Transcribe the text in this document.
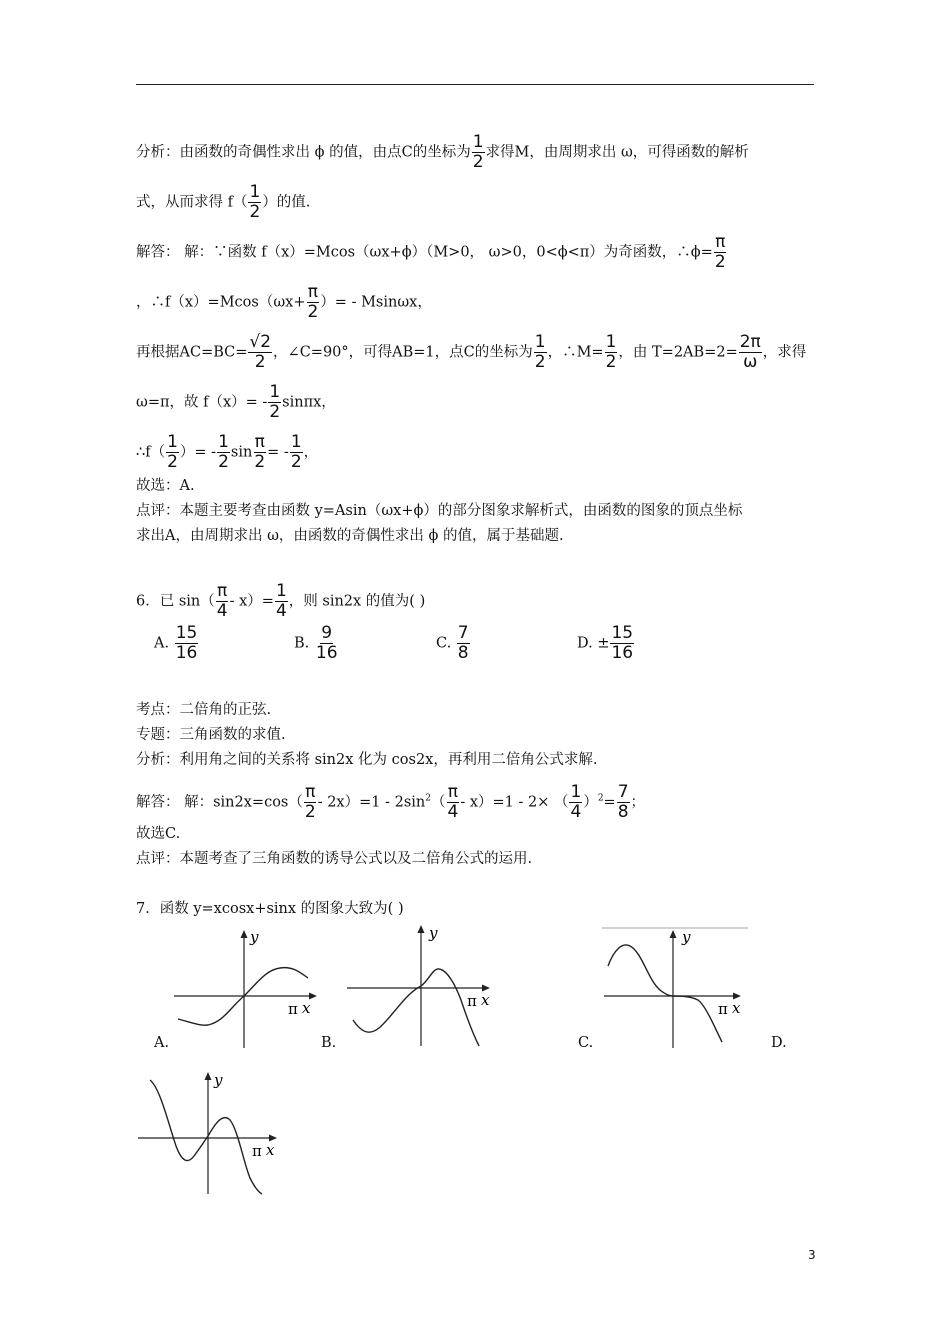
分析：由函数的奇偶性求出 ϕ 的值，由点C的坐标为 $\frac{1}{2}$ 求得M，由周期求出 ω，可得函数的解析
式，从而求得 $f( \frac{1}{2}$ ）的值.
解答： 解：∵函数 f（x）=Mcos（ωx+ϕ）（M>0， ω>0，0<ϕ<π）为奇函数，∴ϕ= $\frac{\pi}{2}$
，∴f（x）=Mcos（ωx+ $\frac{\pi}{2}$ ）= - Msinωx，
再根据$AC=BC= \frac{√2}{2}$ ，∠C=90°，可得AB=1，点C的坐标为 $\frac{1}{2}$ ，∴M= $\frac{1}{2}$ ，由 $T=2AB=2= \frac{2\pi}{\omega}$ ，求得
ω=π，故 $f(x)= - \frac{1}{2}$ sinπx，
∴f（ $\frac{1}{2}$ ）= - $\frac{1}{2}$ $\sin \frac{\pi}{2}$ = - $\frac{1}{2}$ ，
故选：A.
点评：本题主要考查由函数 y=Asin（ωx+ϕ）的部分图象求解析式，由函数的图象的顶点坐标
求出A，由周期求出 ω，由函数的奇偶性求出 ϕ 的值，属于基础题.
6．已 $\sin( \frac{\pi}{4} - x)= \frac{1}{4}$ ，则 sin2x 的值为( )
A. $\frac{15}{16}$	B. $\frac{9}{16}$	C. $\frac{7}{8}$	D. ± $\frac{15}{16}$
考点：二倍角的正弦.
专题：三角函数的求值.
分析：利用角之间的关系将 sin2x 化为 cos2x，再利用二倍角公式求解.
解答： 解：$\sin 2x=\cos( \frac{\pi}{2} - 2x)=1 - 2\sin^2( \frac{\pi}{4} - x)=1 - 2\times$ （ $\frac{1}{4} )^2= \frac{7}{8}$ ；
故选C.
点评：本题考查了三角函数的诱导公式以及二倍角公式的运用.
7．函数 y=xcosx+sinx 的图象大致为( )
y
π x
A.
y
π x
B.
y
π x
C.	D.
y
π x
3
